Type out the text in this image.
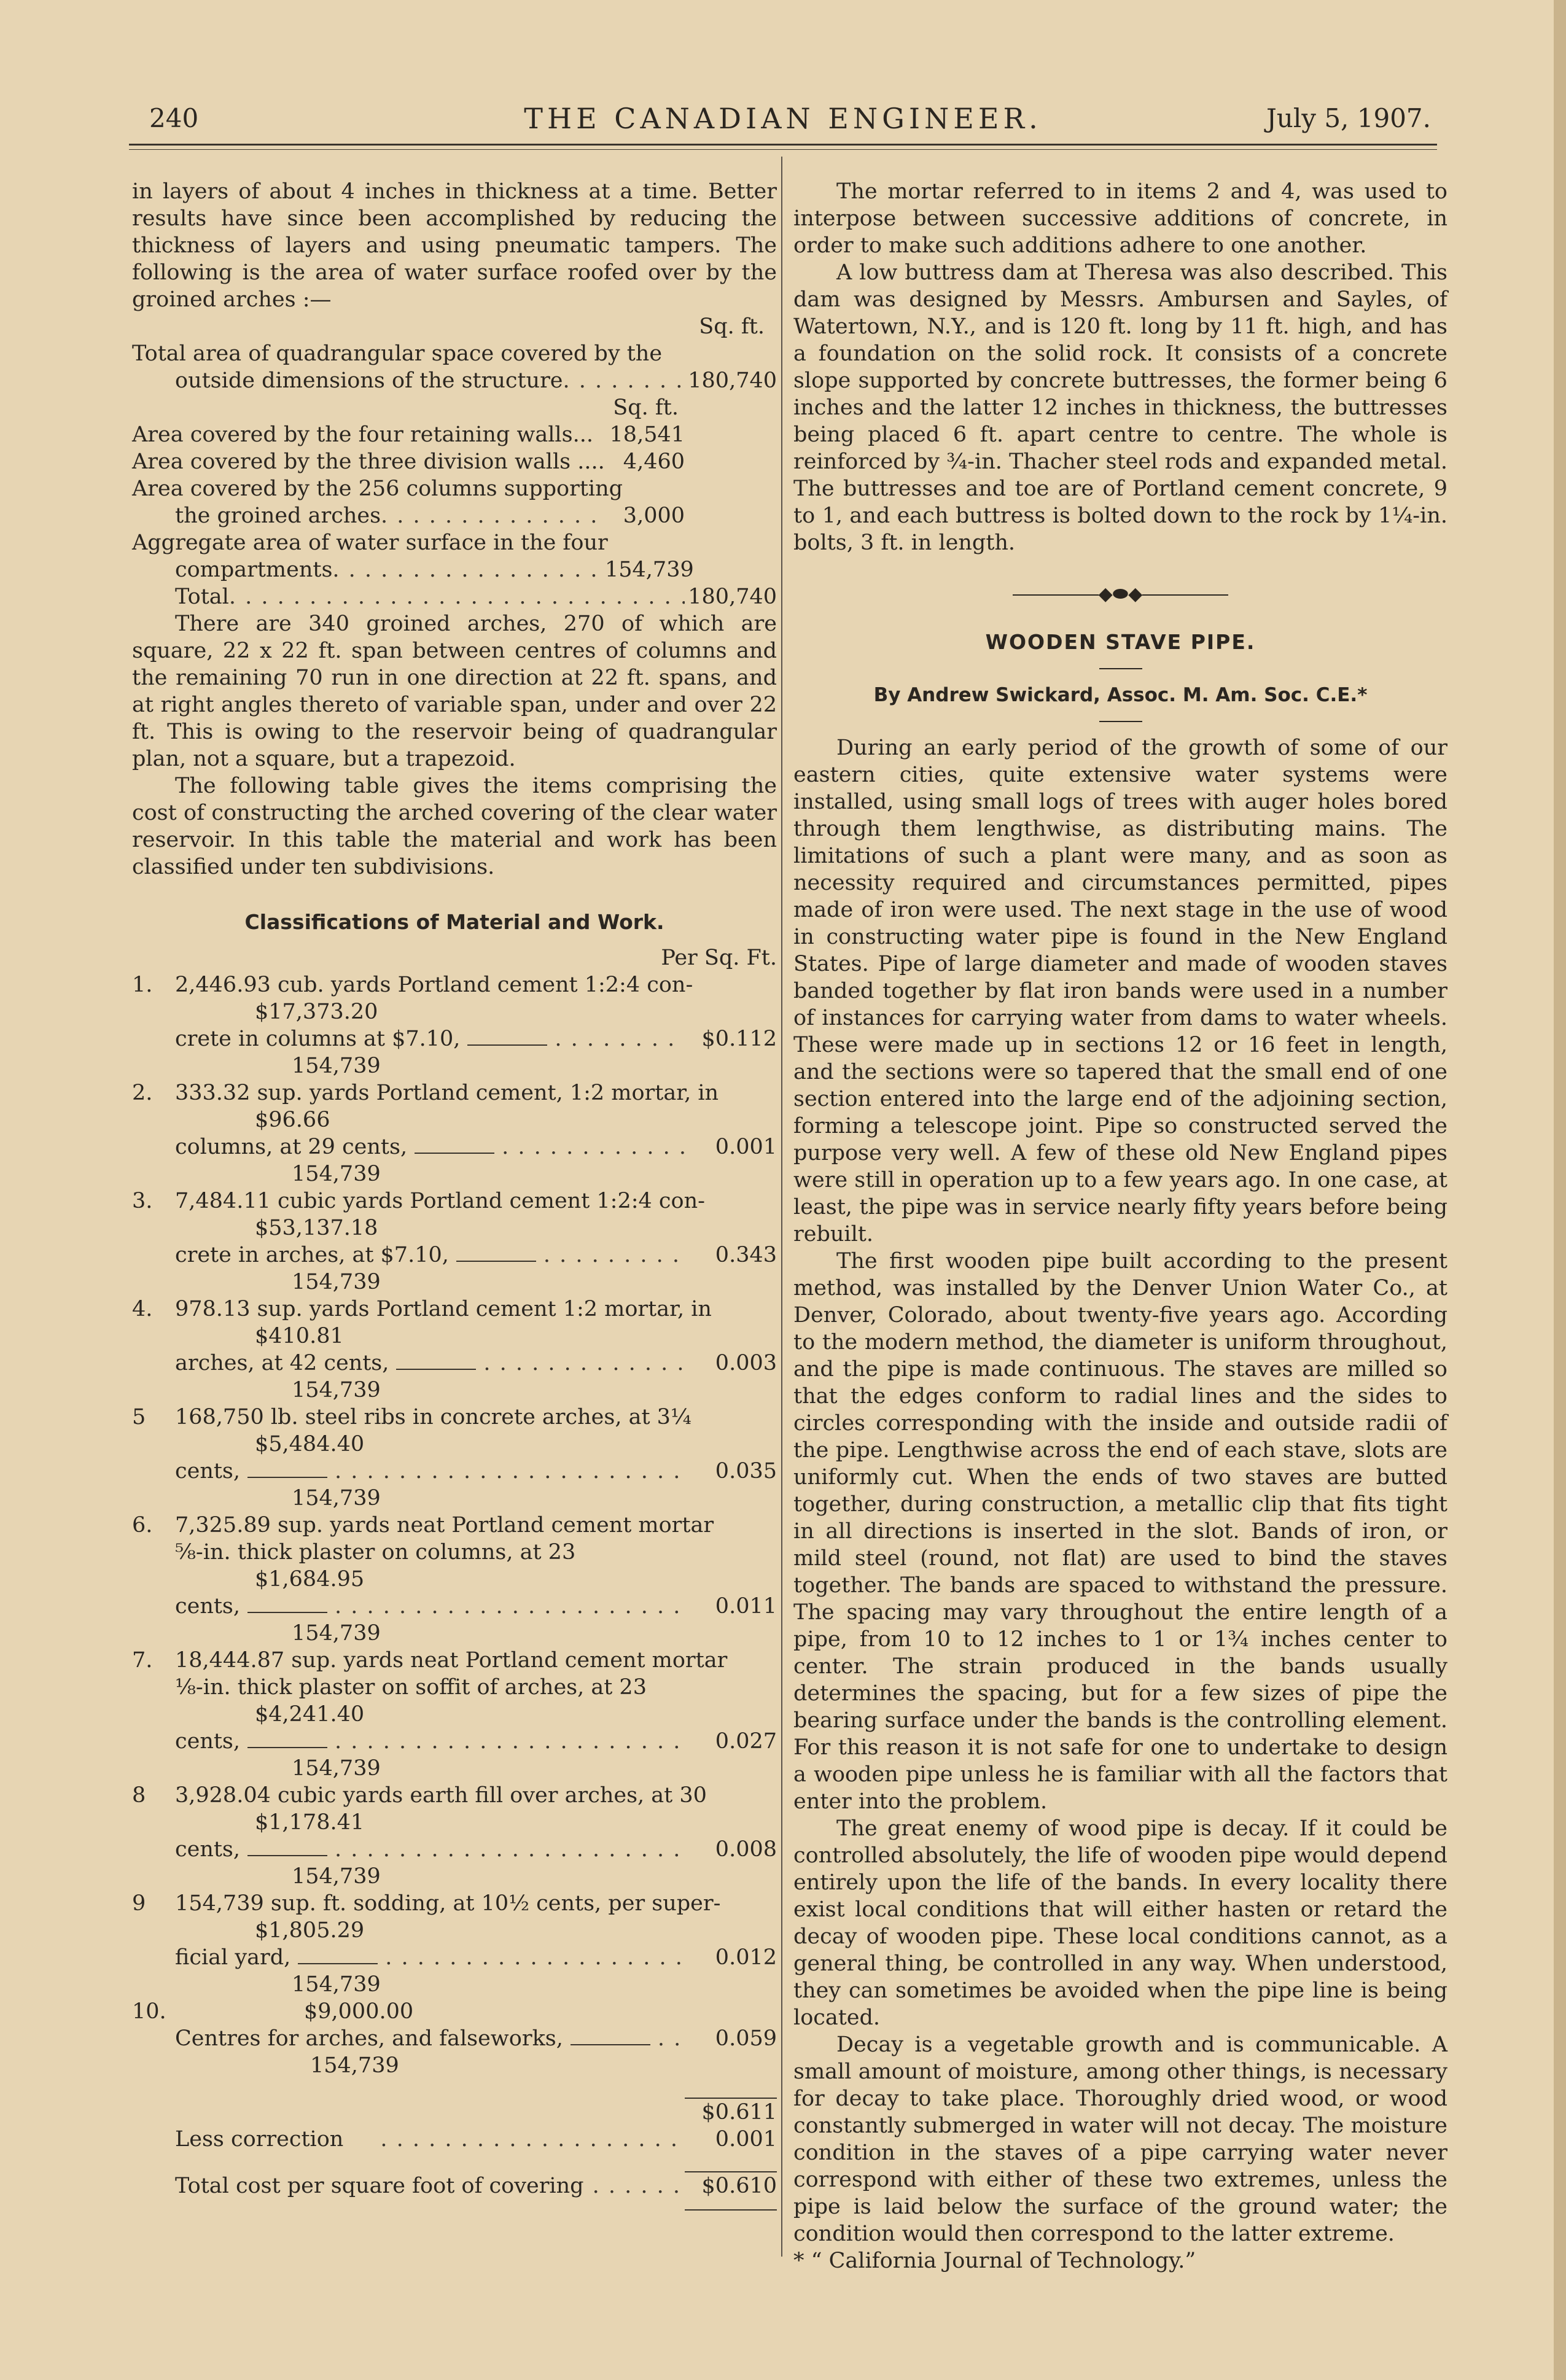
240	THE CANADIAN ENGINEER.	July 5, 1907.

in layers of about 4 inches in thickness at a time. Better results have since been accomplished by reducing the thickness of layers and using pneumatic tampers. The following is the area of water surface roofed over by the groined arches :—

Sq. ft.

Total area of quadrangular space covered by the

outside dimensions of the structure . . .	180,740
Sq. ft.
Area covered by the four retaining walls... 18,541
Area covered by the three division walls .... 4,460

Area covered by the 256 columns supporting

the groined arches . . .	3,000

Aggregate area of water surface in the four

compartments . . .	154,739
Total . . .	180,740

There are 340 groined arches, 270 of which are square, 22 x 22 ft. span between centres of columns and the remaining 70 run in one direction at 22 ft. spans, and at right angles thereto of variable span, under and over 22 ft. This is owing to the reservoir being of quadrangular plan, not a square, but a trapezoid.

The following table gives the items comprising the cost of constructing the arched covering of the clear water reservoir. In this table the material and work has been classified under ten subdivisions.

Classifications of Material and Work.

Per Sq. Ft.

1.	2,446.93 cub. yards Portland cement 1:2:4 con-

$17,373.20
crete in columns at $7.10, . . .	$0.112
154,739
2.	333.32 sup. yards Portland cement, 1:2 mortar, in

$96.66
columns, at 29 cents, . . .	0.001
154,739
3.	7,484.11 cubic yards Portland cement 1:2:4 con-

$53,137.18
crete in arches, at $7.10, . . .	0.343
154,739
4.	978.13 sup. yards Portland cement 1:2 mortar, in

$410.81
arches, at 42 cents, . . .	0.003
154,739
5	168,750 lb. steel ribs in concrete arches, at 3¼

$5,484.40
cents, . . .	0.035
154,739
6.	7,325.89 sup. yards neat Portland cement mortar

⅝-in. thick plaster on columns, at 23

$1,684.95
cents, . . .	0.011
154,739
7.	18,444.87 sup. yards neat Portland cement mortar

⅛-in. thick plaster on soffit of arches, at 23

$4,241.40
cents, . . .	0.027
154,739
8	3,928.04 cubic yards earth fill over arches, at 30

$1,178.41
cents, . . .	0.008
154,739
9	154,739 sup. ft. sodding, at 10½ cents, per super-

$1,805.29
ficial yard, . . .	0.012
154,739
10.	$9,000.00
Centres for arches, and falseworks, . . .	0.059
154,739
$0.611
Less correction . . .	0.001
Total cost per square foot of covering . . .	$0.610

The mortar referred to in items 2 and 4, was used to interpose between successive additions of concrete, in order to make such additions adhere to one another.

A low buttress dam at Theresa was also described. This dam was designed by Messrs. Ambursen and Sayles, of Watertown, N.Y., and is 120 ft. long by 11 ft. high, and has a foundation on the solid rock. It consists of a concrete slope supported by concrete buttresses, the former being 6 inches and the latter 12 inches in thickness, the buttresses being placed 6 ft. apart centre to centre. The whole is reinforced by ¾-in. Thacher steel rods and expanded metal. The buttresses and toe are of Portland cement concrete, 9 to 1, and each buttress is bolted down to the rock by 1¼-in. bolts, 3 ft. in length.

◆⬬◆
WOODEN STAVE PIPE.
By Andrew Swickard, Assoc. M. Am. Soc. C.E.*

During an early period of the growth of some of our eastern cities, quite extensive water systems were installed, using small logs of trees with auger holes bored through them lengthwise, as distributing mains. The limitations of such a plant were many, and as soon as necessity required and circumstances permitted, pipes made of iron were used. The next stage in the use of wood in constructing water pipe is found in the New England States. Pipe of large diameter and made of wooden staves banded together by flat iron bands were used in a number of instances for carrying water from dams to water wheels. These were made up in sections 12 or 16 feet in length, and the sections were so tapered that the small end of one section entered into the large end of the adjoining section, forming a telescope joint. Pipe so constructed served the purpose very well. A few of these old New England pipes were still in operation up to a few years ago. In one case, at least, the pipe was in service nearly fifty years before being rebuilt.

The first wooden pipe built according to the present method, was installed by the Denver Union Water Co., at Denver, Colorado, about twenty-five years ago. According to the modern method, the diameter is uniform throughout, and the pipe is made continuous. The staves are milled so that the edges conform to radial lines and the sides to circles corresponding with the inside and outside radii of the pipe. Lengthwise across the end of each stave, slots are uniformly cut. When the ends of two staves are butted together, during construction, a metallic clip that fits tight in all directions is inserted in the slot. Bands of iron, or mild steel (round, not flat) are used to bind the staves together. The bands are spaced to withstand the pressure. The spacing may vary throughout the entire length of a pipe, from 10 to 12 inches to 1 or 1¾ inches center to center. The strain produced in the bands usually determines the spacing, but for a few sizes of pipe the bearing surface under the bands is the controlling element. For this reason it is not safe for one to undertake to design a wooden pipe unless he is familiar with all the factors that enter into the problem.

The great enemy of wood pipe is decay. If it could be controlled absolutely, the life of wooden pipe would depend entirely upon the life of the bands. In every locality there exist local conditions that will either hasten or retard the decay of wooden pipe. These local conditions cannot, as a general thing, be controlled in any way. When understood, they can sometimes be avoided when the pipe line is being located.

Decay is a vegetable growth and is communicable. A small amount of moisture, among other things, is necessary for decay to take place. Thoroughly dried wood, or wood constantly submerged in water will not decay. The moisture condition in the staves of a pipe carrying water never correspond with either of these two extremes, unless the pipe is laid below the surface of the ground water; the condition would then correspond to the latter extreme.

* “ California Journal of Technology.”
